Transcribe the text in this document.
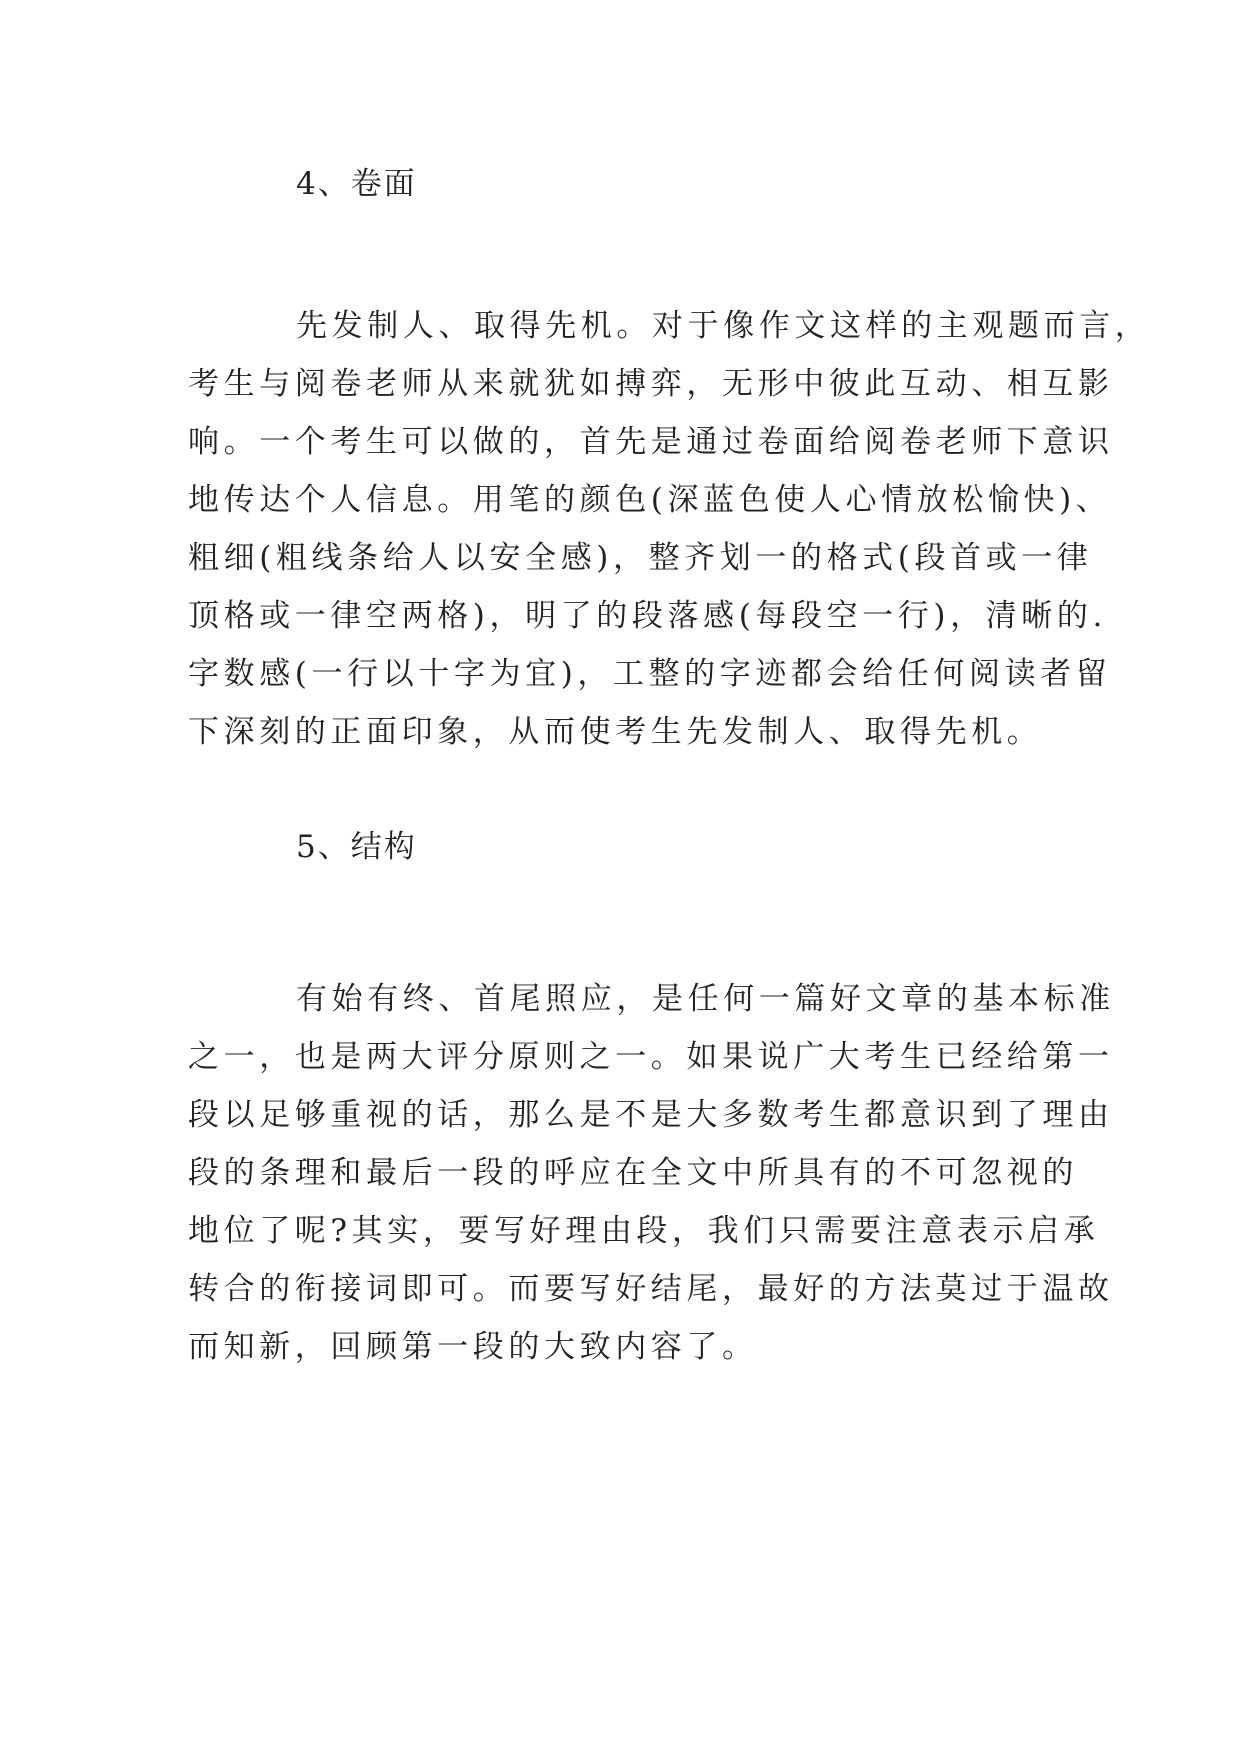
4、卷面
先发制人、取得先机。对于像作文这样的主观题而言，
考生与阅卷老师从来就犹如搏弈，无形中彼此互动、相互影
响。一个考生可以做的，首先是通过卷面给阅卷老师下意识
地传达个人信息。用笔的颜色(深蓝色使人心情放松愉快)、
粗细(粗线条给人以安全感)，整齐划一的格式(段首或一律
顶格或一律空两格)，明了的段落感(每段空一行)，清晰的.
字数感(一行以十字为宜)，工整的字迹都会给任何阅读者留
下深刻的正面印象，从而使考生先发制人、取得先机。
5、结构
有始有终、首尾照应，是任何一篇好文章的基本标准
之一，也是两大评分原则之一。如果说广大考生已经给第一
段以足够重视的话，那么是不是大多数考生都意识到了理由
段的条理和最后一段的呼应在全文中所具有的不可忽视的
地位了呢?其实，要写好理由段，我们只需要注意表示启承
转合的衔接词即可。而要写好结尾，最好的方法莫过于温故
而知新，回顾第一段的大致内容了。
